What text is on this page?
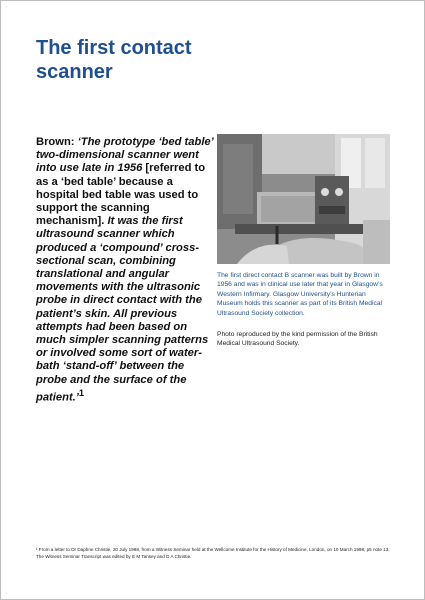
The first contact scanner

Brown: ‘The prototype ‘bed table’ two-dimensional scanner went into use late in 1956 [referred to as a ‘bed table’ because a hospital bed table was used to support the scanning mechanism]. It was the first ultrasound scanner which produced a ‘compound’ cross-sectional scan, combining translational and angular movements with the ultrasonic probe in direct contact with the patient’s skin. All previous attempts had been based on much simpler scanning patterns or involved some sort of water-bath ‘stand-off’ between the probe and the surface of the patient.’$^1$

The first direct contact B scanner was built by Brown in 1956 and was in clinical use later that year in Glasgow’s Western Infirmary. Glasgow University’s Hunterian Museum holds this scanner as part of its British Medical Ultrasound Society collection.

Photo reproduced by the kind permission of the British Medical Ultrasound Society.

¹ From a letter to Dr Daphne Christie, 20 July 1998, from a Witness Seminar held at the Wellcome Institute for the History of Medicine, London, on 10 March 1998, p5 note 13. The Witness Seminar Transcript was edited by E M Tansey and D A Christie.
